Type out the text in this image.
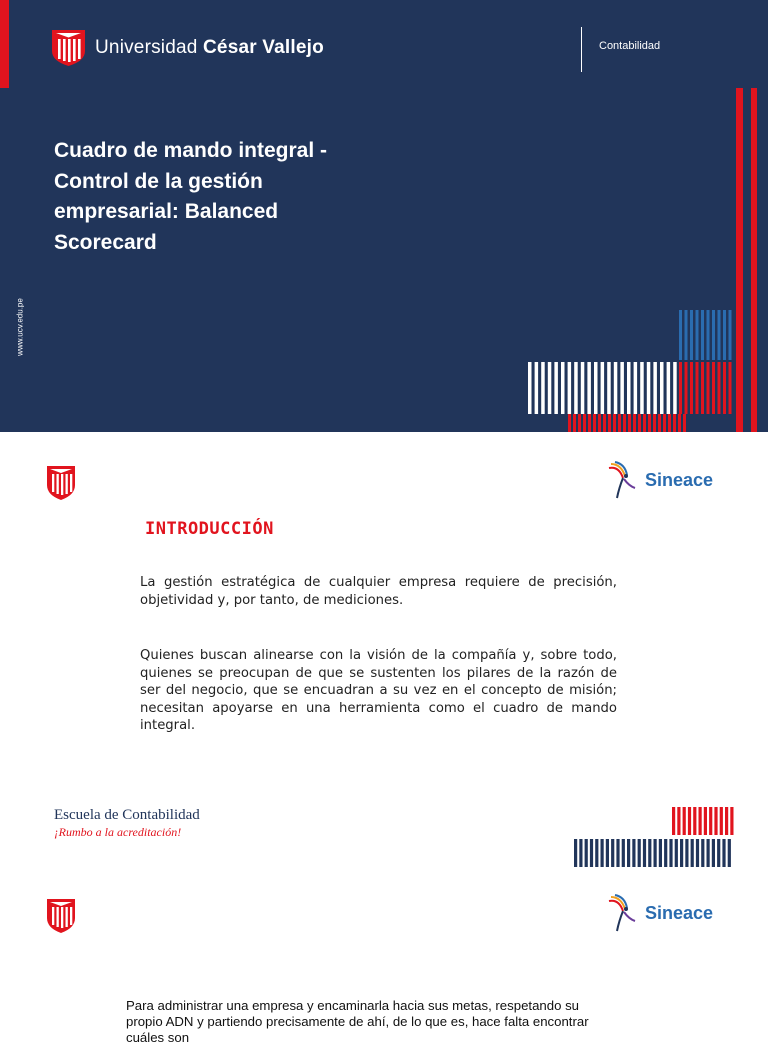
Universidad César Vallejo	Contabilidad
Cuadro de mando integral - Control de la gestión empresarial: Balanced Scorecard
www.ucv.edu.pe
Sineace
INTRODUCCIÓN

La gestión estratégica de cualquier empresa requiere de precisión, objetividad y, por tanto, de mediciones.

Quienes buscan alinearse con la visión de la compañía y, sobre todo, quienes se preocupan de que se sustenten los pilares de la razón de ser del negocio, que se encuadran a su vez en el concepto de misión; necesitan apoyarse en una herramienta como el cuadro de mando integral.

Escuela de Contabilidad
¡Rumbo a la acreditación!
Sineace

Para administrar una empresa y encaminarla hacia sus metas, respetando su propio ADN y partiendo precisamente de ahí, de lo que es, hace falta encontrar cuáles son
